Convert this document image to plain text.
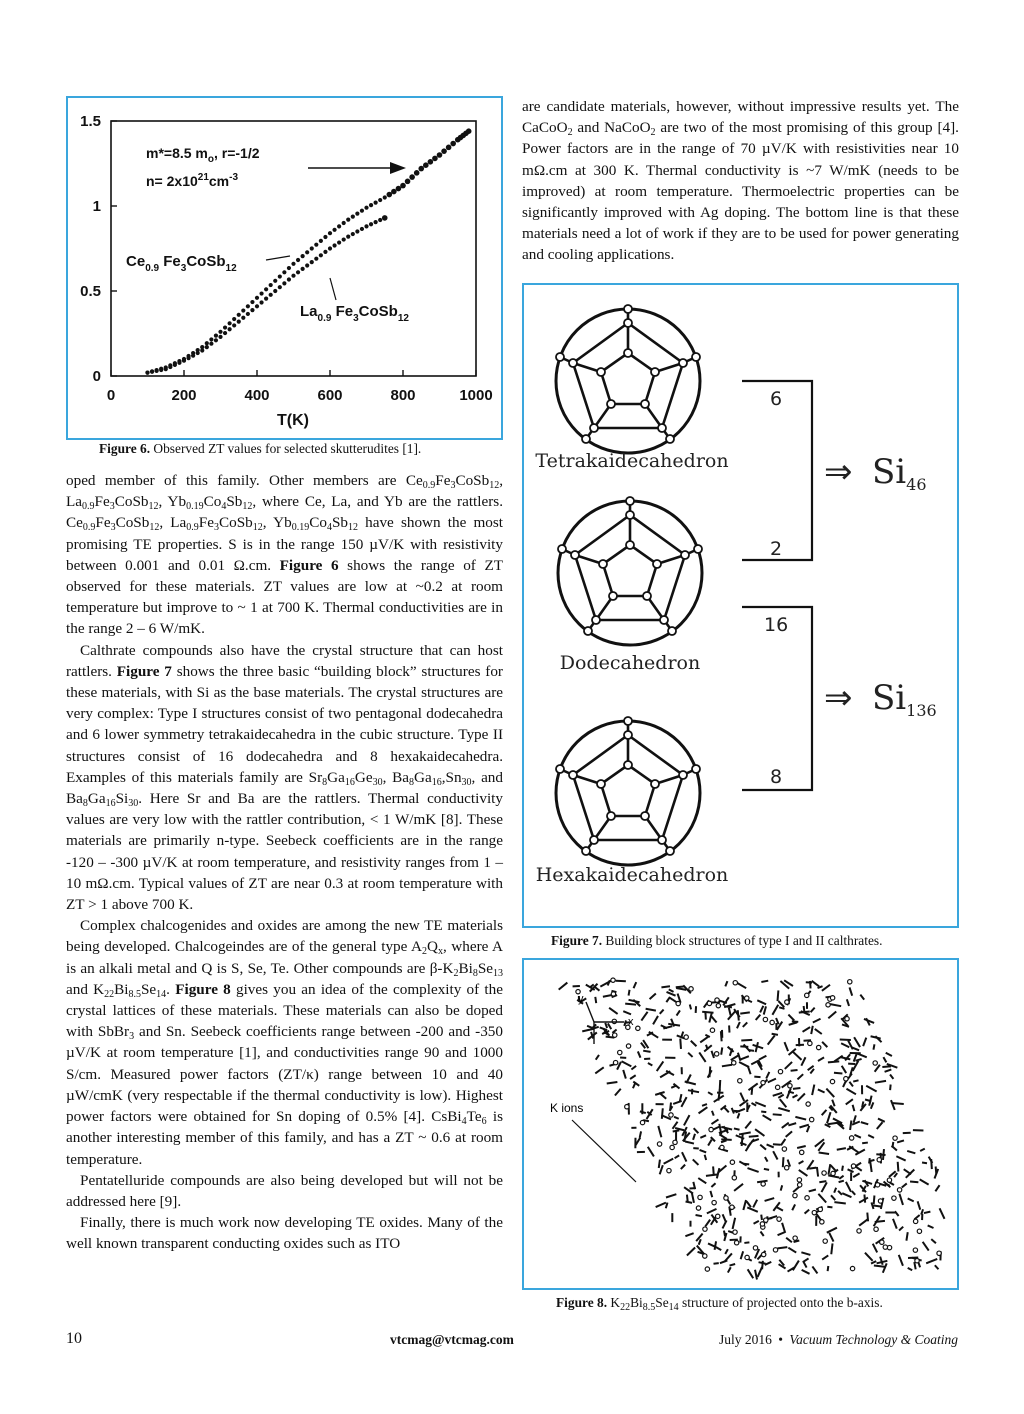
are candidate materials, however, without impressive results yet. The CaCoO$_2$ and NaCoO$_2$ are two of the most promising of this group [4]. Power factors are in the range of 70 µV/K with resistivities near 10 mΩ.cm at 300 K. Thermal conductivity is ~7 W/mK (needs to be improved) at room temperature. Thermoelectric properties can be significantly improved with Ag doping. The bottom line is that these materials need a lot of work if they are to be used for power generating and cooling applications.

0	200	400	600	800	1000
0
0.5
1
1.5
m*=8.5 $m_o$, r=-1/2
$n= 2x10^{21}cm^{-3}$
$Ce_{0.9}$ $Fe_3CoSb_{12}$
$La_{0.9}$ $Fe_3CoSb_{12}$
T(K)
Figure 6. Observed ZT values for selected skutterudites [1].

oped member of this family. Other members are $Ce_{0.9}Fe_3CoSb_{12}$, $La_{0.9}Fe_3CoSb_{12}$, $Yb_{0.19}Co_4Sb_{12}$, where Ce, La, and Yb are the rattlers. $Ce_{0.9}Fe_3CoSb_{12}$, $La_{0.9}Fe_3CoSb_{12}$, $Yb_{0.19}Co_4Sb_{12}$ have shown the most promising TE properties. S is in the range 150 µV/K with resistivity between 0.001 and 0.01 Ω.cm. Figure 6 shows the range of ZT observed for these materials. ZT values are low at ~0.2 at room temperature but improve to ~ 1 at 700 K. Thermal conductivities are in the range 2 – 6 W/mK.

Calthrate compounds also have the crystal structure that can host rattlers. Figure 7 shows the three basic “building block” structures for these materials, with Si as the base materials. The crystal structures are very complex: Type I structures consist of two pentagonal dodecahedra and 6 lower symmetry tetrakaidecahedra in the cubic structure. Type II structures consist of 16 dodecahedra and 8 hexakaidecahedra. Examples of this materials family are $Sr_8Ga_{16}Ge_{30}$, $Ba_8Ga_{16},Sn_{30}$, and $Ba_8Ga_{16}Si_{30}$. Here Sr and Ba are the rattlers. Thermal conductivity values are very low with the rattler contribution, < 1 W/mK [8]. These materials are primarily n-type. Seebeck coefficients are in the range -120 – -300 µV/K at room temperature, and resistivity ranges from 1 – 10 mΩ.cm. Typical values of ZT are near 0.3 at room temperature with ZT > 1 above 700 K.

Complex chalcogenides and oxides are among the new TE materials being developed. Chalcogeindes are of the general type $A_2Q_x$, where A is an alkali metal and Q is S, Se, Te. Other compounds are $\beta-K_2Bi_8Se_{13}$ and $K_{22}Bi_{8.5}Se_{14}$. Figure 8 gives you an idea of the complexity of the crystal lattices of these materials. These materials can also be doped with SbBr$_3$ and Sn. Seebeck coefficients range between -200 and -350 µV/K at room temperature [1], and conductivities range 90 and 1000 S/cm. Measured power factors (ZT/κ) range between 10 and 40 µW/cmK (very respectable if the thermal conductivity is low). Highest power factors were obtained for Sn doping of 0.5% [4]. $CsBi_4Te_6$ is another interesting member of this family, and has a ZT ~ 0.6 at room temperature.

Pentatelluride compounds are also being developed but will not be addressed here [9].

Finally, there is much work now developing TE oxides. Many of the well known transparent conducting oxides such as ITO

Tetrakaidecahedron
Dodecahedron
Hexakaidecahedron
6
2
⇒ $Si_{46}$
16
8
⇒ $Si_{136}$
Figure 7. Building block structures of type I and II calthrates.
x
y
K ions
Figure 8. $K_{22}Bi_{8.5}Se_{14}$ structure of projected onto the b-axis.
10	vtcmag@vtcmag.com	July 2016 • Vacuum Technology & Coating
